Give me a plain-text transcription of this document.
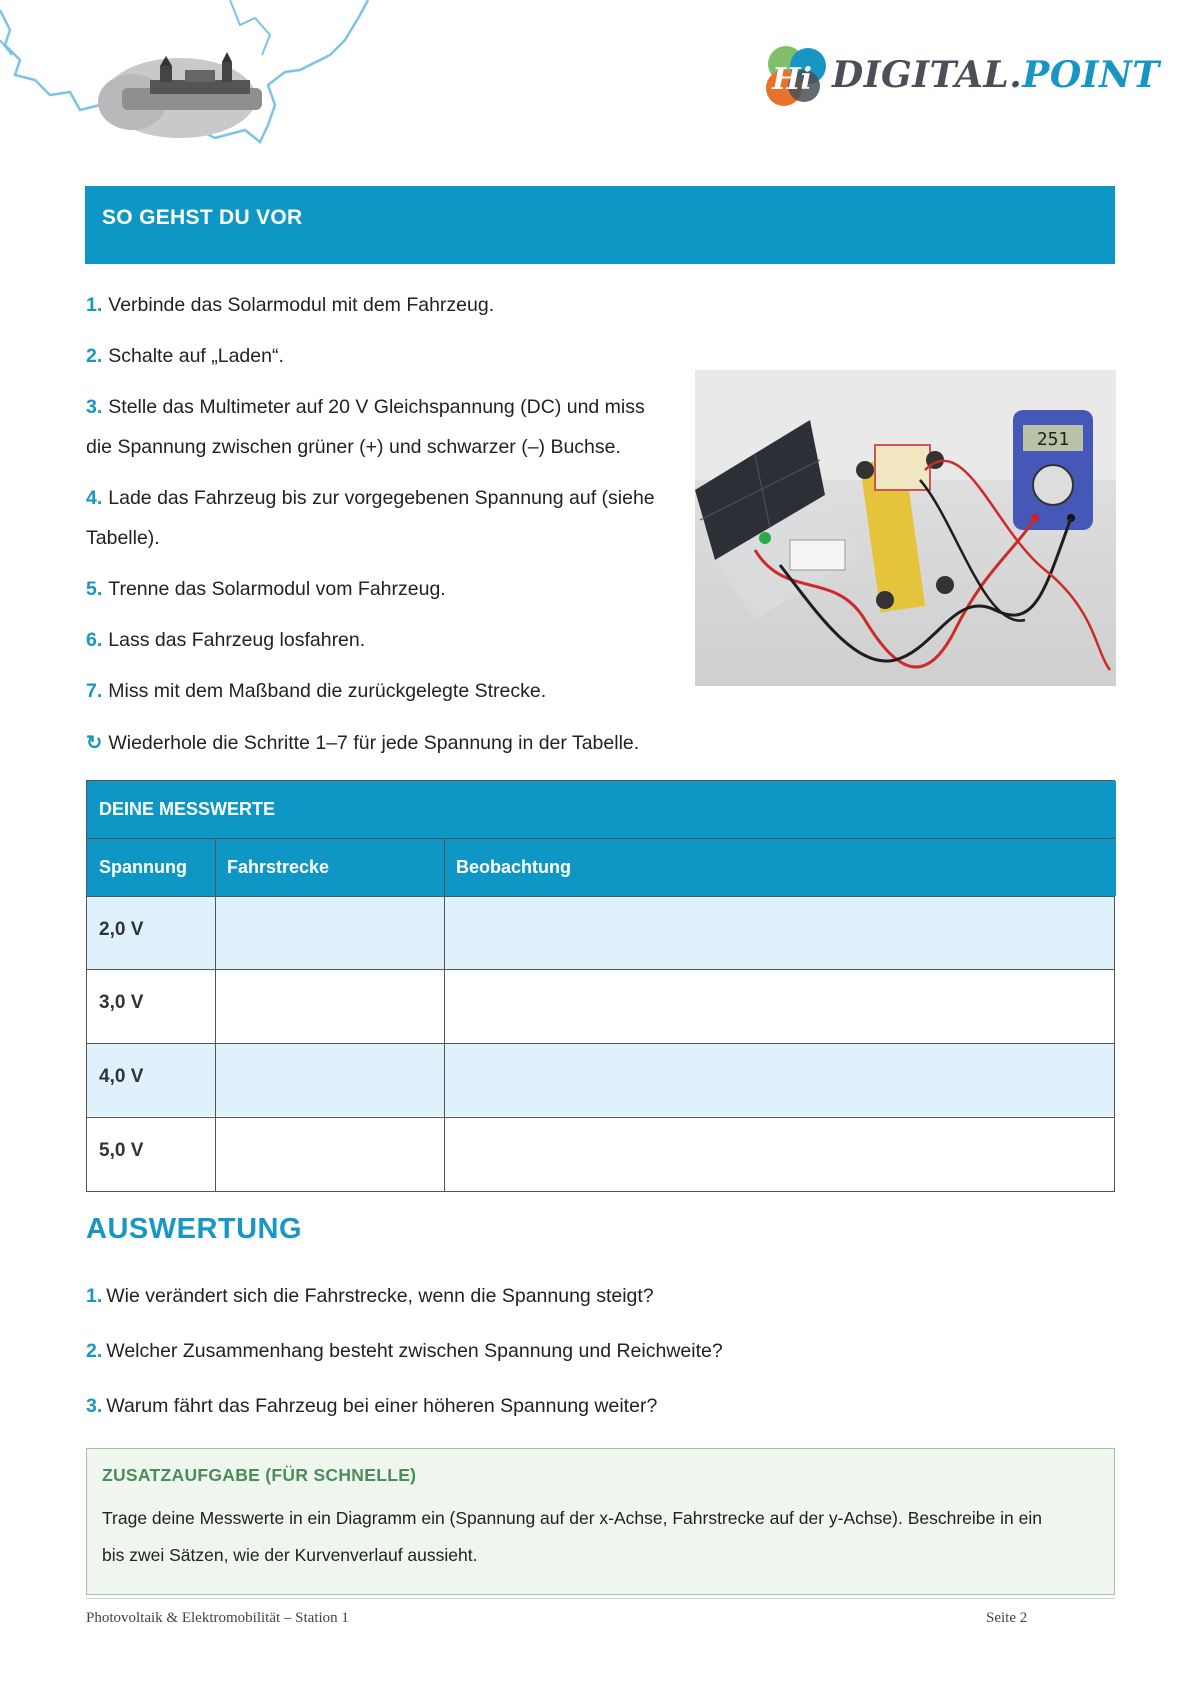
Hi DIGITAL.POINT
SO GEHST DU VOR
1. Verbinde das Solarmodul mit dem Fahrzeug.
2. Schalte auf „Laden“.
3. Stelle das Multimeter auf 20 V Gleichspannung (DC) und miss
die Spannung zwischen grüner (+) und schwarzer (–) Buchse.
4. Lade das Fahrzeug bis zur vorgegebenen Spannung auf (siehe
Tabelle).
5. Trenne das Solarmodul vom Fahrzeug.
6. Lass das Fahrzeug losfahren.
7. Miss mit dem Maßband die zurückgelegte Strecke.
↻ Wiederhole die Schritte 1–7 für jede Spannung in der Tabelle.
251
DEINE MESSWERTE
Spannung Fahrstrecke	Beobachtung
2,0 V
3,0 V
4,0 V
5,0 V
AUSWERTUNG
1. Wie verändert sich die Fahrstrecke, wenn die Spannung steigt?
2. Welcher Zusammenhang besteht zwischen Spannung und Reichweite?
3. Warum fährt das Fahrzeug bei einer höheren Spannung weiter?
ZUSATZAUFGABE (FÜR SCHNELLE)
Trage deine Messwerte in ein Diagramm ein (Spannung auf der x-Achse, Fahrstrecke auf der y-Achse). Beschreibe in ein
bis zwei Sätzen, wie der Kurvenverlauf aussieht.
Photovoltaik & Elektromobilität – Station 1	Seite 2
